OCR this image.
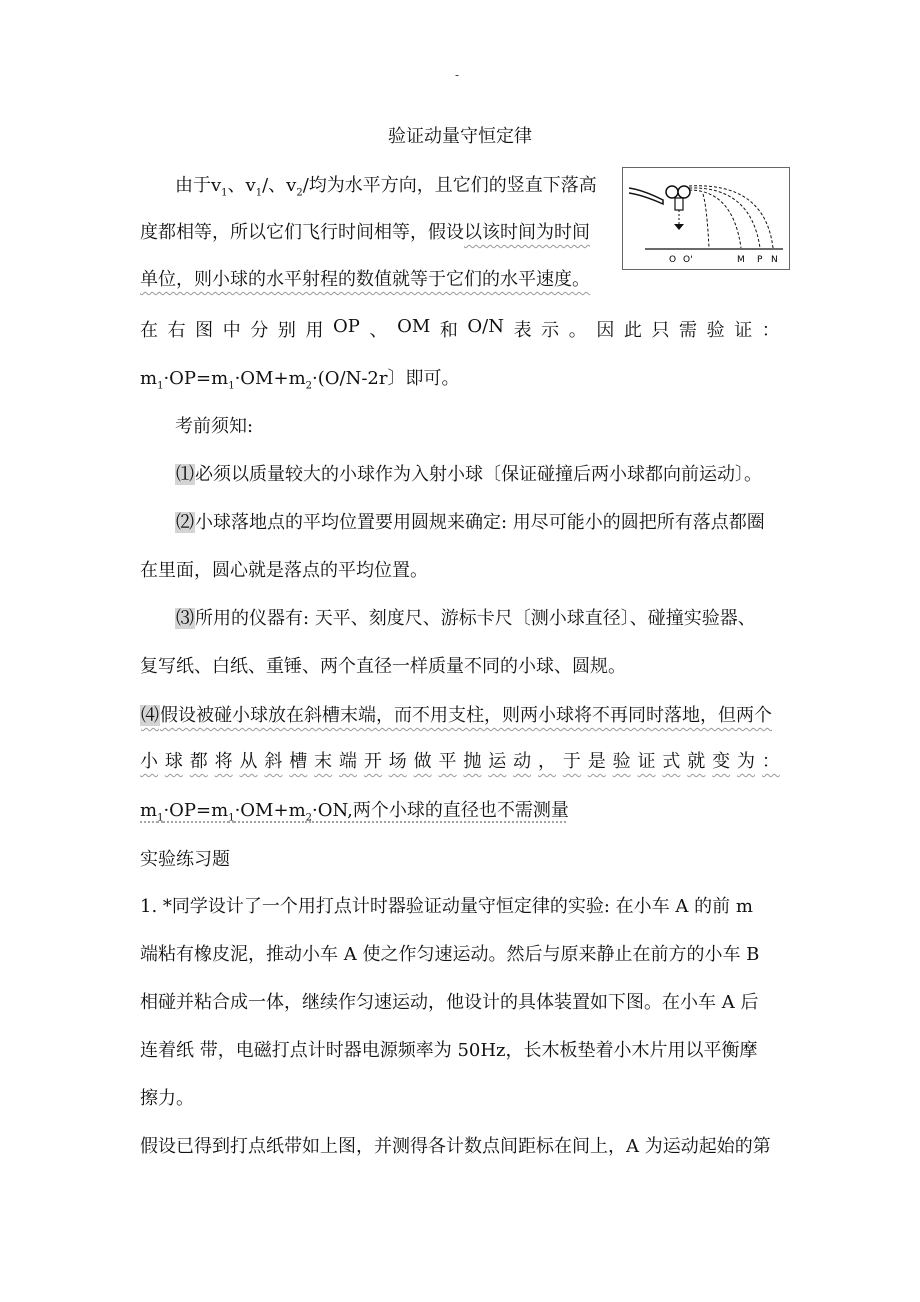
-
验证动量守恒定律
O O'	M P N
由于$v_1$、$v_1/$、$v_2/$均为水平方向，且它们的竖直下落高
度都相等，所以它们飞行时间相等，假设以该时间为时间
单位，则小球的水平射程的数值就等于它们的水平速度。
在 右 图 中 分 别 用 OP 、 OM 和 O/N 表 示 。 因 此 只 需 验 证 ：
$m_1\cdot OP=m_1\cdot OM+m_2\cdot(O/N-2r$〕即可。
考前须知:
⑴必须以质量较大的小球作为入射小球〔保证碰撞后两小球都向前运动〕。
⑵小球落地点的平均位置要用圆规来确定: 用尽可能小的圆把所有落点都圈
在里面，圆心就是落点的平均位置。
⑶所用的仪器有: 天平、刻度尺、游标卡尺〔测小球直径〕、碰撞实验器、
复写纸、白纸、重锤、两个直径一样质量不同的小球、圆规。
⑷假设被碰小球放在斜槽末端，而不用支柱，则两小球将不再同时落地，但两个
小 球 都 将 从 斜 槽 末 端 开 场 做 平 抛 运 动 ， 于 是 验 证 式 就 变 为 ：
$m_1\cdot OP=m_1\cdot OM+m_2\cdot ON$,两个小球的直径也不需测量
实验练习题
1. *同学设计了一个用打点计时器验证动量守恒定律的实验: 在小车 A 的前 m
端粘有橡皮泥，推动小车 A 使之作匀速运动。然后与原来静止在前方的小车 B
相碰并粘合成一体，继续作匀速运动，他设计的具体装置如下图。在小车 A 后
连着纸 带，电磁打点计时器电源频率为 50Hz，长木板垫着小木片用以平衡摩
擦力。
假设已得到打点纸带如上图，并测得各计数点间距标在间上，A 为运动起始的第
